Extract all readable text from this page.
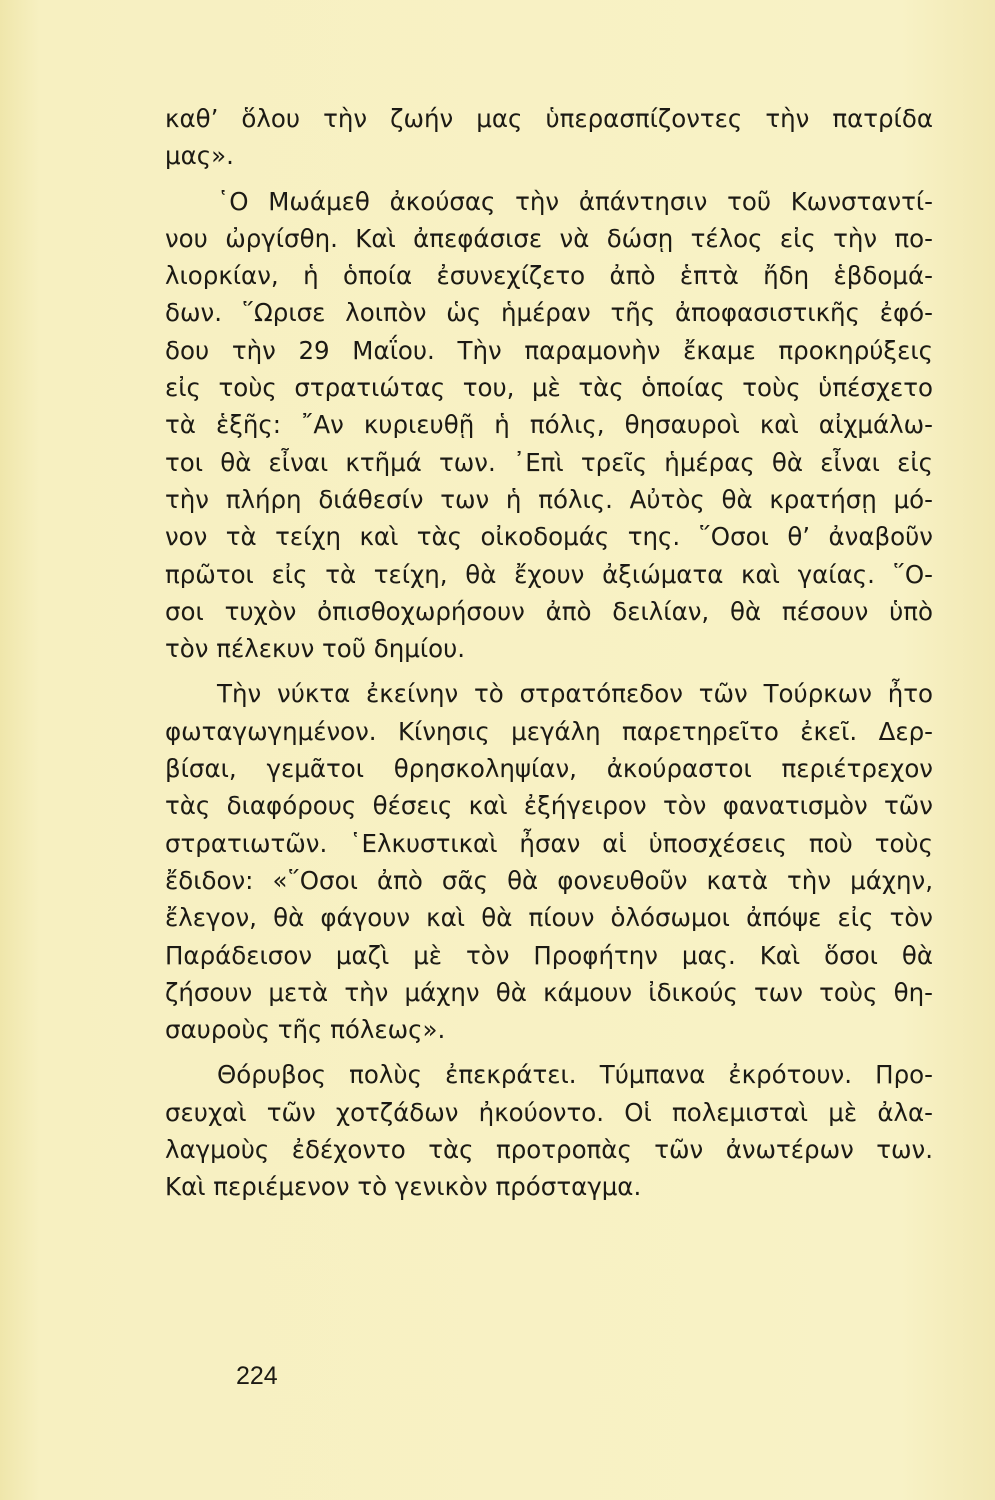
καθ’ ὅλου τὴν ζωήν μας ὑπερασπίζοντες τὴν πατρίδα
μας».
῾Ο Μωάμεθ ἀκούσας τὴν ἀπάντησιν τοῦ Κωνσταντί-
νου ὠργίσθη. Καὶ ἀπεφάσισε νὰ δώσῃ τέλος εἰς τὴν πο-
λιορκίαν, ἡ ὁποία ἐσυνεχίζετο ἀπὸ ἑπτὰ ἤδη ἑβδομά-
δων. ῞Ωρισε λοιπὸν ὡς ἡμέραν τῆς ἀποφασιστικῆς ἐφό-
δου τὴν 29 Μαΐου. Τὴν παραμονὴν ἔκαμε προκηρύξεις
εἰς τοὺς στρατιώτας του, μὲ τὰς ὁποίας τοὺς ὑπέσχετο
τὰ ἑξῆς: ῎Αν κυριευθῇ ἡ πόλις, θησαυροὶ καὶ αἰχμάλω-
τοι θὰ εἶναι κτῆμά των. ᾿Επὶ τρεῖς ἡμέρας θὰ εἶναι εἰς
τὴν πλήρη διάθεσίν των ἡ πόλις. Αὐτὸς θὰ κρατήσῃ μό-
νον τὰ τείχη καὶ τὰς οἰκοδομάς της. ῞Οσοι θ’ ἀναβοῦν
πρῶτοι εἰς τὰ τείχη, θὰ ἔχουν ἀξιώματα καὶ γαίας. ῞Ο-
σοι τυχὸν ὀπισθοχωρήσουν ἀπὸ δειλίαν, θὰ πέσουν ὑπὸ
τὸν πέλεκυν τοῦ δημίου.
Τὴν νύκτα ἐκείνην τὸ στρατόπεδον τῶν Τούρκων ἦτο
φωταγωγημένον. Κίνησις μεγάλη παρετηρεῖτο ἐκεῖ. Δερ-
βίσαι, γεμᾶτοι θρησκοληψίαν, ἀκούραστοι περιέτρεχον
τὰς διαφόρους θέσεις καὶ ἐξήγειρον τὸν φανατισμὸν τῶν
στρατιωτῶν. ῾Ελκυστικαὶ ἦσαν αἱ ὑποσχέσεις ποὺ τοὺς
ἔδιδον: «῞Οσοι ἀπὸ σᾶς θὰ φονευθοῦν κατὰ τὴν μάχην,
ἔλεγον, θὰ φάγουν καὶ θὰ πίουν ὁλόσωμοι ἀπόψε εἰς τὸν
Παράδεισον μαζὶ μὲ τὸν Προφήτην μας. Καὶ ὅσοι θὰ
ζήσουν μετὰ τὴν μάχην θὰ κάμουν ἰδικούς των τοὺς θη-
σαυροὺς τῆς πόλεως».
Θόρυβος πολὺς ἐπεκράτει. Τύμπανα ἐκρότουν. Προ-
σευχαὶ τῶν χοτζάδων ἠκούοντο. Οἱ πολεμισταὶ μὲ ἀλα-
λαγμοὺς ἐδέχοντο τὰς προτροπὰς τῶν ἀνωτέρων των.
Καὶ περιέμενον τὸ γενικὸν πρόσταγμα.
224
